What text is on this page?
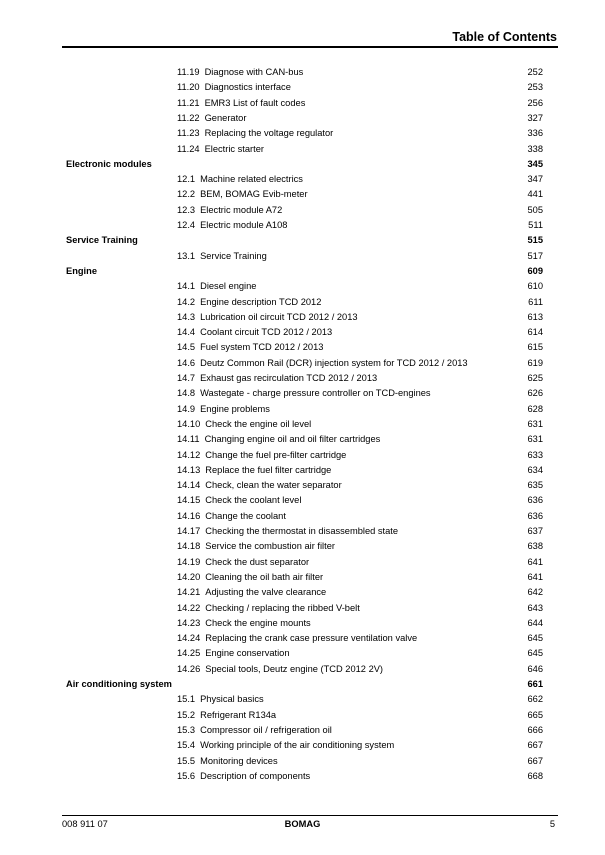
Table of Contents
11.19 Diagnose with CAN-bus	252
11.20 Diagnostics interface	253
11.21 EMR3 List of fault codes	256
11.22 Generator	327
11.23 Replacing the voltage regulator	336
11.24 Electric starter	338
Electronic modules	345
12.1 Machine related electrics	347
12.2 BEM, BOMAG Evib-meter	441
12.3 Electric module A72	505
12.4 Electric module A108	511
Service Training	515
13.1 Service Training	517
Engine	609
14.1 Diesel engine	610
14.2 Engine description TCD 2012	611
14.3 Lubrication oil circuit TCD 2012 / 2013	613
14.4 Coolant circuit TCD 2012 / 2013	614
14.5 Fuel system TCD 2012 / 2013	615
14.6 Deutz Common Rail (DCR) injection system for TCD 2012 / 2013	619
14.7 Exhaust gas recirculation TCD 2012 / 2013	625
14.8 Wastegate - charge pressure controller on TCD-engines	626
14.9 Engine problems	628
14.10 Check the engine oil level	631
14.11 Changing engine oil and oil filter cartridges	631
14.12 Change the fuel pre-filter cartridge	633
14.13 Replace the fuel filter cartridge	634
14.14 Check, clean the water separator	635
14.15 Check the coolant level	636
14.16 Change the coolant	636
14.17 Checking the thermostat in disassembled state	637
14.18 Service the combustion air filter	638
14.19 Check the dust separator	641
14.20 Cleaning the oil bath air filter	641
14.21 Adjusting the valve clearance	642
14.22 Checking / replacing the ribbed V-belt	643
14.23 Check the engine mounts	644
14.24 Replacing the crank case pressure ventilation valve	645
14.25 Engine conservation	645
14.26 Special tools, Deutz engine (TCD 2012 2V)	646
Air conditioning system	661
15.1 Physical basics	662
15.2 Refrigerant R134a	665
15.3 Compressor oil / refrigeration oil	666
15.4 Working principle of the air conditioning system	667
15.5 Monitoring devices	667
15.6 Description of components	668
008 911 07	BOMAG	5
